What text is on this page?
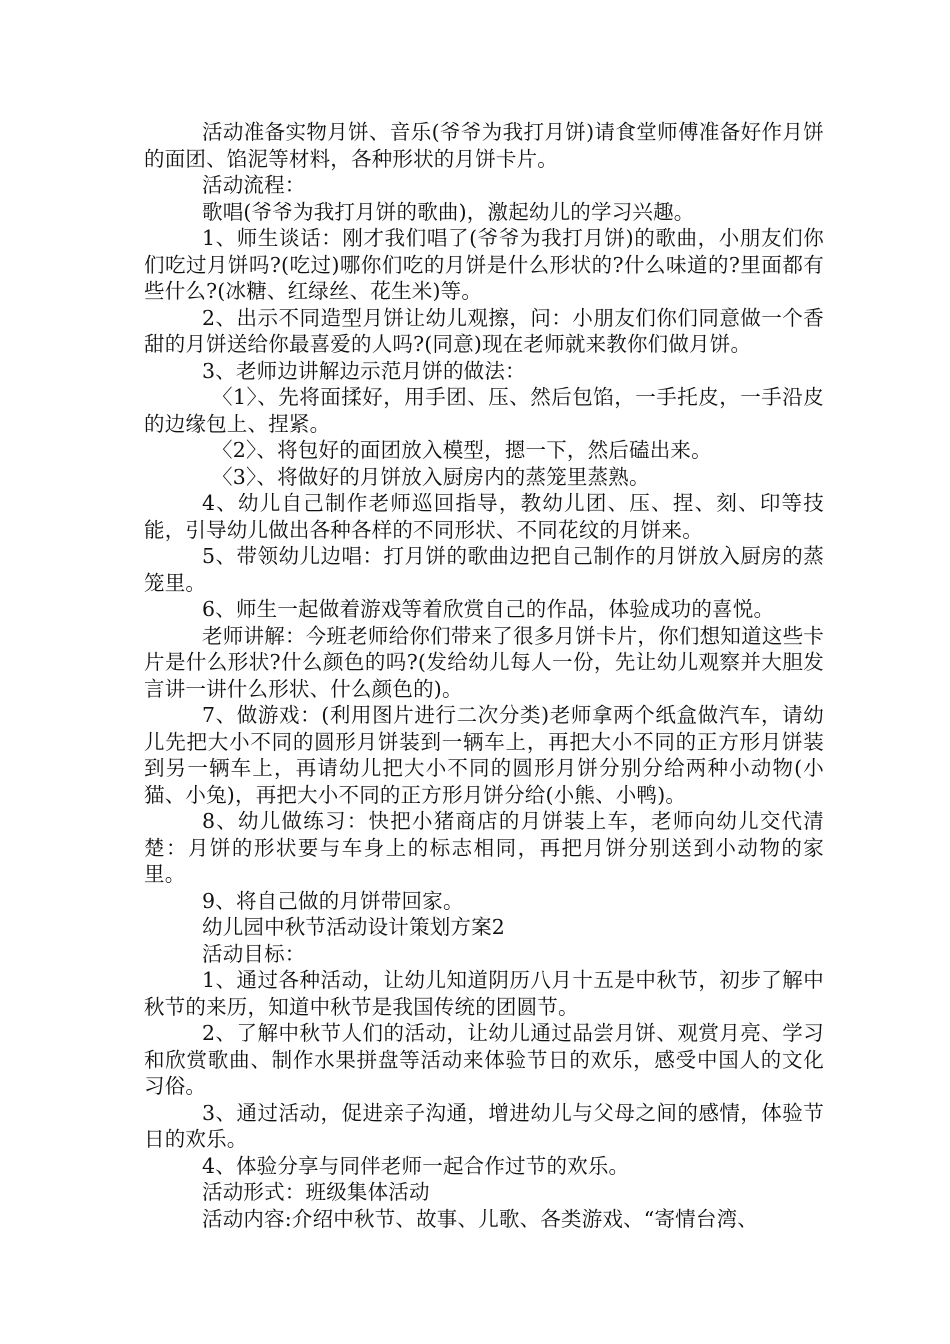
活动准备实物月饼、音乐(爷爷为我打月饼)请食堂师傅准备好作月饼的面团、馅泥等材料，各种形状的月饼卡片。

活动流程：

歌唱(爷爷为我打月饼的歌曲)，激起幼儿的学习兴趣。

1、师生谈话：刚才我们唱了(爷爷为我打月饼)的歌曲，小朋友们你们吃过月饼吗?(吃过)哪你们吃的月饼是什么形状的?什么味道的?里面都有些什么?(冰糖、红绿丝、花生米)等。

2、出示不同造型月饼让幼儿观擦，问：小朋友们你们同意做一个香甜的月饼送给你最喜爱的人吗?(同意)现在老师就来教你们做月饼。

3、老师边讲解边示范月饼的做法：

〈1〉、先将面揉好，用手团、压、然后包馅，一手托皮，一手沿皮的边缘包上、捏紧。

〈2〉、将包好的面团放入模型，摁一下，然后磕出来。

〈3〉、将做好的月饼放入厨房内的蒸笼里蒸熟。

4、幼儿自己制作老师巡回指导，教幼儿团、压、捏、刻、印等技能，引导幼儿做出各种各样的不同形状、不同花纹的月饼来。

5、带领幼儿边唱：打月饼的歌曲边把自己制作的月饼放入厨房的蒸笼里。

6、师生一起做着游戏等着欣赏自己的作品，体验成功的喜悦。

老师讲解：今班老师给你们带来了很多月饼卡片，你们想知道这些卡片是什么形状?什么颜色的吗?(发给幼儿每人一份，先让幼儿观察并大胆发言讲一讲什么形状、什么颜色的)。

7、做游戏：(利用图片进行二次分类)老师拿两个纸盒做汽车，请幼儿先把大小不同的圆形月饼装到一辆车上，再把大小不同的正方形月饼装到另一辆车上，再请幼儿把大小不同的圆形月饼分别分给两种小动物(小猫、小兔)，再把大小不同的正方形月饼分给(小熊、小鸭)。

8、幼儿做练习：快把小猪商店的月饼装上车，老师向幼儿交代清楚：月饼的形状要与车身上的标志相同，再把月饼分别送到小动物的家里。

9、将自己做的月饼带回家。

幼儿园中秋节活动设计策划方案2

活动目标：

1、通过各种活动，让幼儿知道阴历八月十五是中秋节，初步了解中秋节的来历，知道中秋节是我国传统的团圆节。

2、了解中秋节人们的活动，让幼儿通过品尝月饼、观赏月亮、学习和欣赏歌曲、制作水果拼盘等活动来体验节日的欢乐，感受中国人的文化习俗。

3、通过活动，促进亲子沟通，增进幼儿与父母之间的感情，体验节日的欢乐。

4、体验分享与同伴老师一起合作过节的欢乐。

活动形式：班级集体活动

活动内容:介绍中秋节、故事、儿歌、各类游戏、“寄情台湾、
